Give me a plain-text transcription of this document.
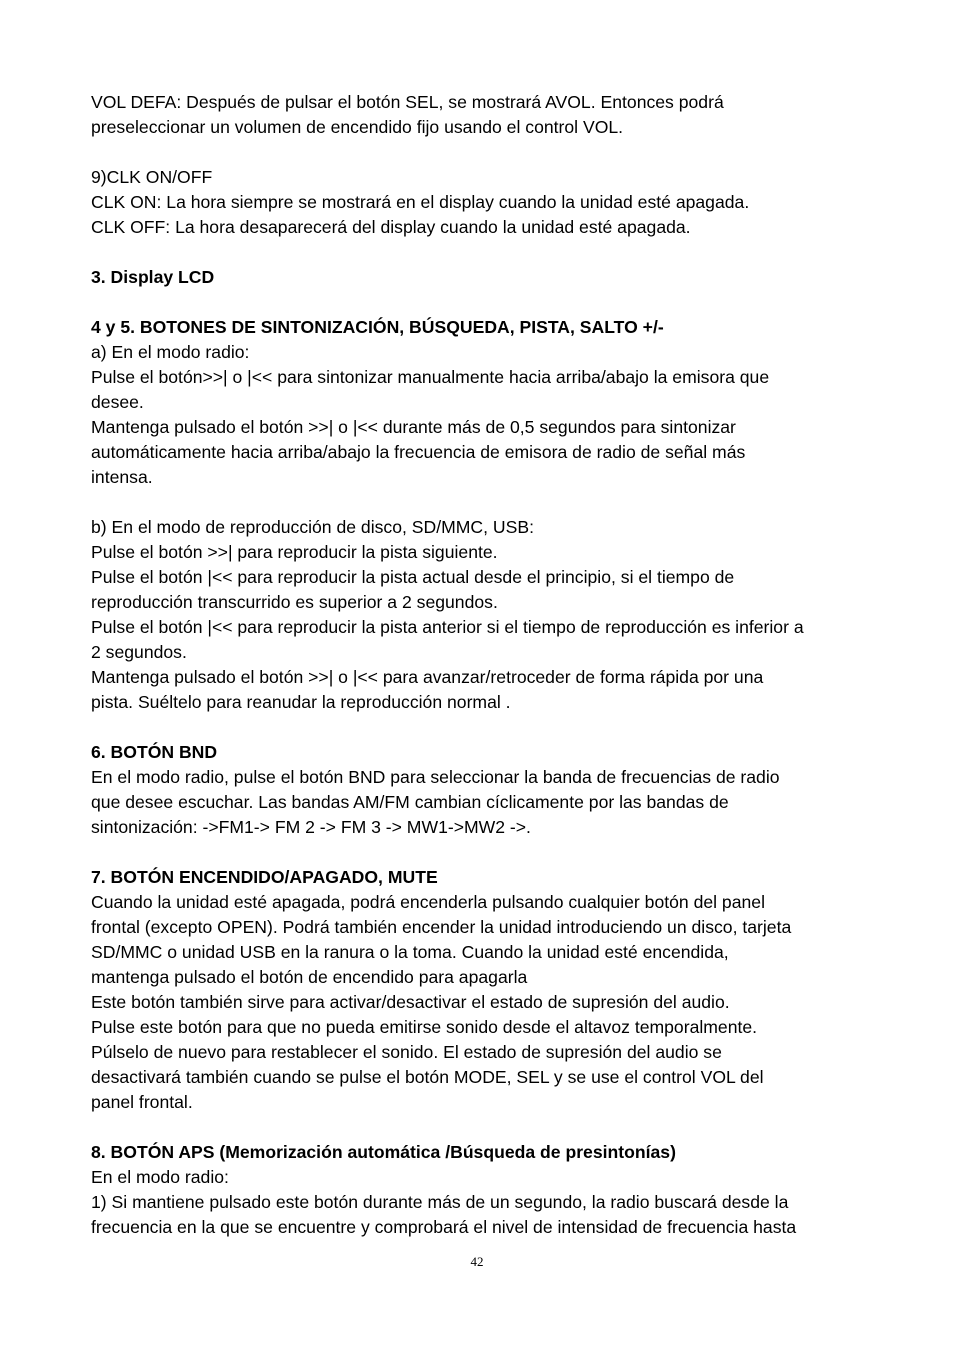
VOL DEFA: Después de pulsar el botón SEL, se mostrará AVOL. Entonces podrá
preseleccionar un volumen de encendido fijo usando el control VOL.
9)CLK ON/OFF
CLK ON: La hora siempre se mostrará en el display cuando la unidad esté apagada.
CLK OFF: La hora desaparecerá del display cuando la unidad esté apagada.
3. Display LCD
4 y 5. BOTONES DE SINTONIZACIÓN, BÚSQUEDA, PISTA, SALTO +/-
a) En el modo radio:
Pulse el botón>>| o |<< para sintonizar manualmente hacia arriba/abajo la emisora que
desee.
Mantenga pulsado el botón >>| o |<< durante más de 0,5 segundos para sintonizar
automáticamente hacia arriba/abajo la frecuencia de emisora de radio de señal más
intensa.
b) En el modo de reproducción de disco, SD/MMC, USB:
Pulse el botón >>| para reproducir la pista siguiente.
Pulse el botón |<< para reproducir la pista actual desde el principio, si el tiempo de
reproducción transcurrido es superior a 2 segundos.
Pulse el botón |<< para reproducir la pista anterior si el tiempo de reproducción es inferior a
2 segundos.
Mantenga pulsado el botón >>| o |<< para avanzar/retroceder de forma rápida por una
pista. Suéltelo para reanudar la reproducción normal .
6. BOTÓN BND
En el modo radio, pulse el botón BND para seleccionar la banda de frecuencias de radio
que desee escuchar. Las bandas AM/FM cambian cíclicamente por las bandas de
sintonización: ->FM1-> FM 2 -> FM 3 -> MW1->MW2 ->.
7. BOTÓN ENCENDIDO/APAGADO, MUTE
Cuando la unidad esté apagada, podrá encenderla pulsando cualquier botón del panel
frontal (excepto OPEN). Podrá también encender la unidad introduciendo un disco, tarjeta
SD/MMC o unidad USB en la ranura o la toma. Cuando la unidad esté encendida,
mantenga pulsado el botón de encendido para apagarla
Este botón también sirve para activar/desactivar el estado de supresión del audio.
Pulse este botón para que no pueda emitirse sonido desde el altavoz temporalmente.
Púlselo de nuevo para restablecer el sonido. El estado de supresión del audio se
desactivará también cuando se pulse el botón MODE, SEL y se use el control VOL del
panel frontal.
8. BOTÓN APS (Memorización automática /Búsqueda de presintonías)
En el modo radio:
1) Si mantiene pulsado este botón durante más de un segundo, la radio buscará desde la
frecuencia en la que se encuentre y comprobará el nivel de intensidad de frecuencia hasta
42
